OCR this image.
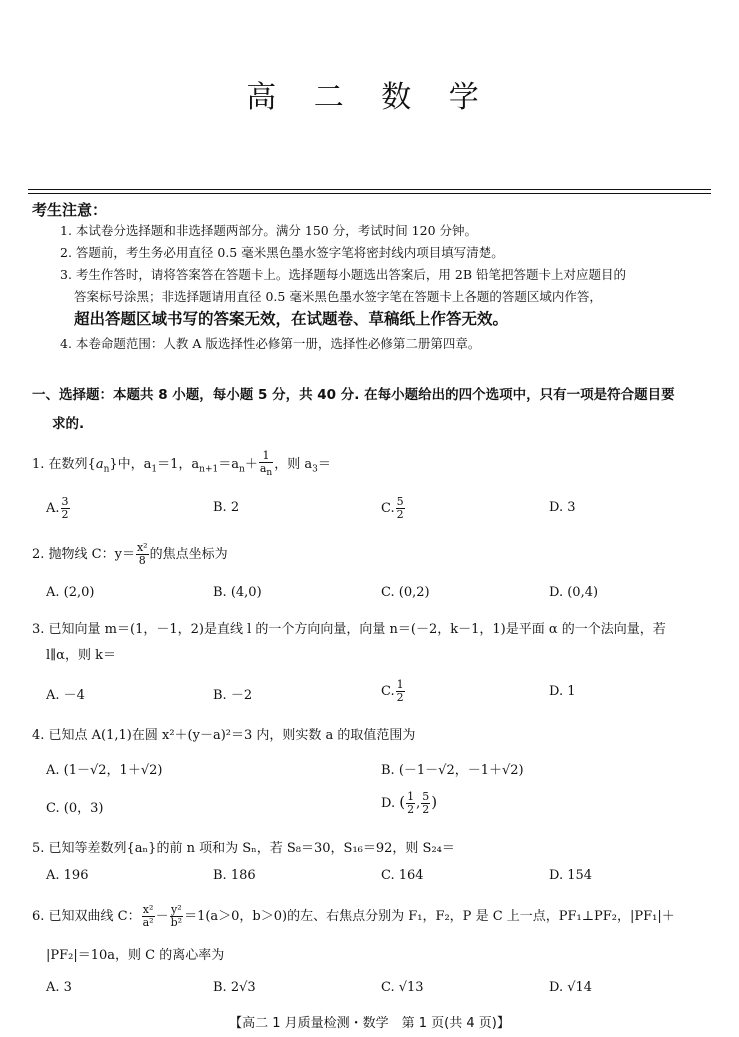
高 二 数 学
考生注意：
1. 本试卷分选择题和非选择题两部分。满分 150 分，考试时间 120 分钟。
2. 答题前，考生务必用直径 0.5 毫米黑色墨水签字笔将密封线内项目填写清楚。
3. 考生作答时，请将答案答在答题卡上。选择题每小题选出答案后，用 2B 铅笔把答题卡上对应题目的
答案标号涂黑；非选择题请用直径 0.5 毫米黑色墨水签字笔在答题卡上各题的答题区域内作答，
超出答题区域书写的答案无效，在试题卷、草稿纸上作答无效。
4. 本卷命题范围：人教 A 版选择性必修第一册，选择性必修第二册第四章。
一、选择题：本题共 8 小题，每小题 5 分，共 40 分. 在每小题给出的四个选项中，只有一项是符合题目要
求的.
1. 在数列$\{a_n\}$中，$a_1=1$，$a_{n+1}=a_n+ \frac{1}{a_n}$ ，则 $a_3=$
A. $\frac{3}{2}$	B. 2	C. $\frac{5}{2}$	D. 3
2. 抛物线 C：$y= \frac{\text{x²}}{8}$ 的焦点坐标为
A. (2,0)	B. (4,0)	C. (0,2)	D. (0,4)
3. 已知向量 m＝(1，－1，2)是直线 l 的一个方向向量，向量 n＝(－2，k－1，1)是平面 α 的一个法向量，若
l∥α，则 k＝
A. －4	B. －2	C. $\frac{1}{2}$	D. 1
4. 已知点 A(1,1)在圆 x²＋(y－a)²＝3 内，则实数 a 的取值范围为
A. (1－√2，1＋√2)	B. (－1－√2，－1＋√2)
C. (0，3)	D. ( $\frac{1}{2}$ , $\frac{5}{2}$ )
5. 已知等差数列{aₙ}的前 n 项和为 Sₙ，若 S₈＝30，S₁₆＝92，则 S₂₄＝
A. 196	B. 186	C. 164	D. 154
6. 已知双曲线 C： $\frac{\text{x²}}{\text{a²}} - \frac{\text{y²}}{\text{b²}} =1(a>0$，b＞0)的左、右焦点分别为 F₁，F₂，P 是 C 上一点，PF₁⊥PF₂，|PF₁|＋
|PF₂|＝10a，则 C 的离心率为
A. 3	B. 2√3	C. √13	D. √14
【高二 1 月质量检测・数学　第 1 页(共 4 页)】
